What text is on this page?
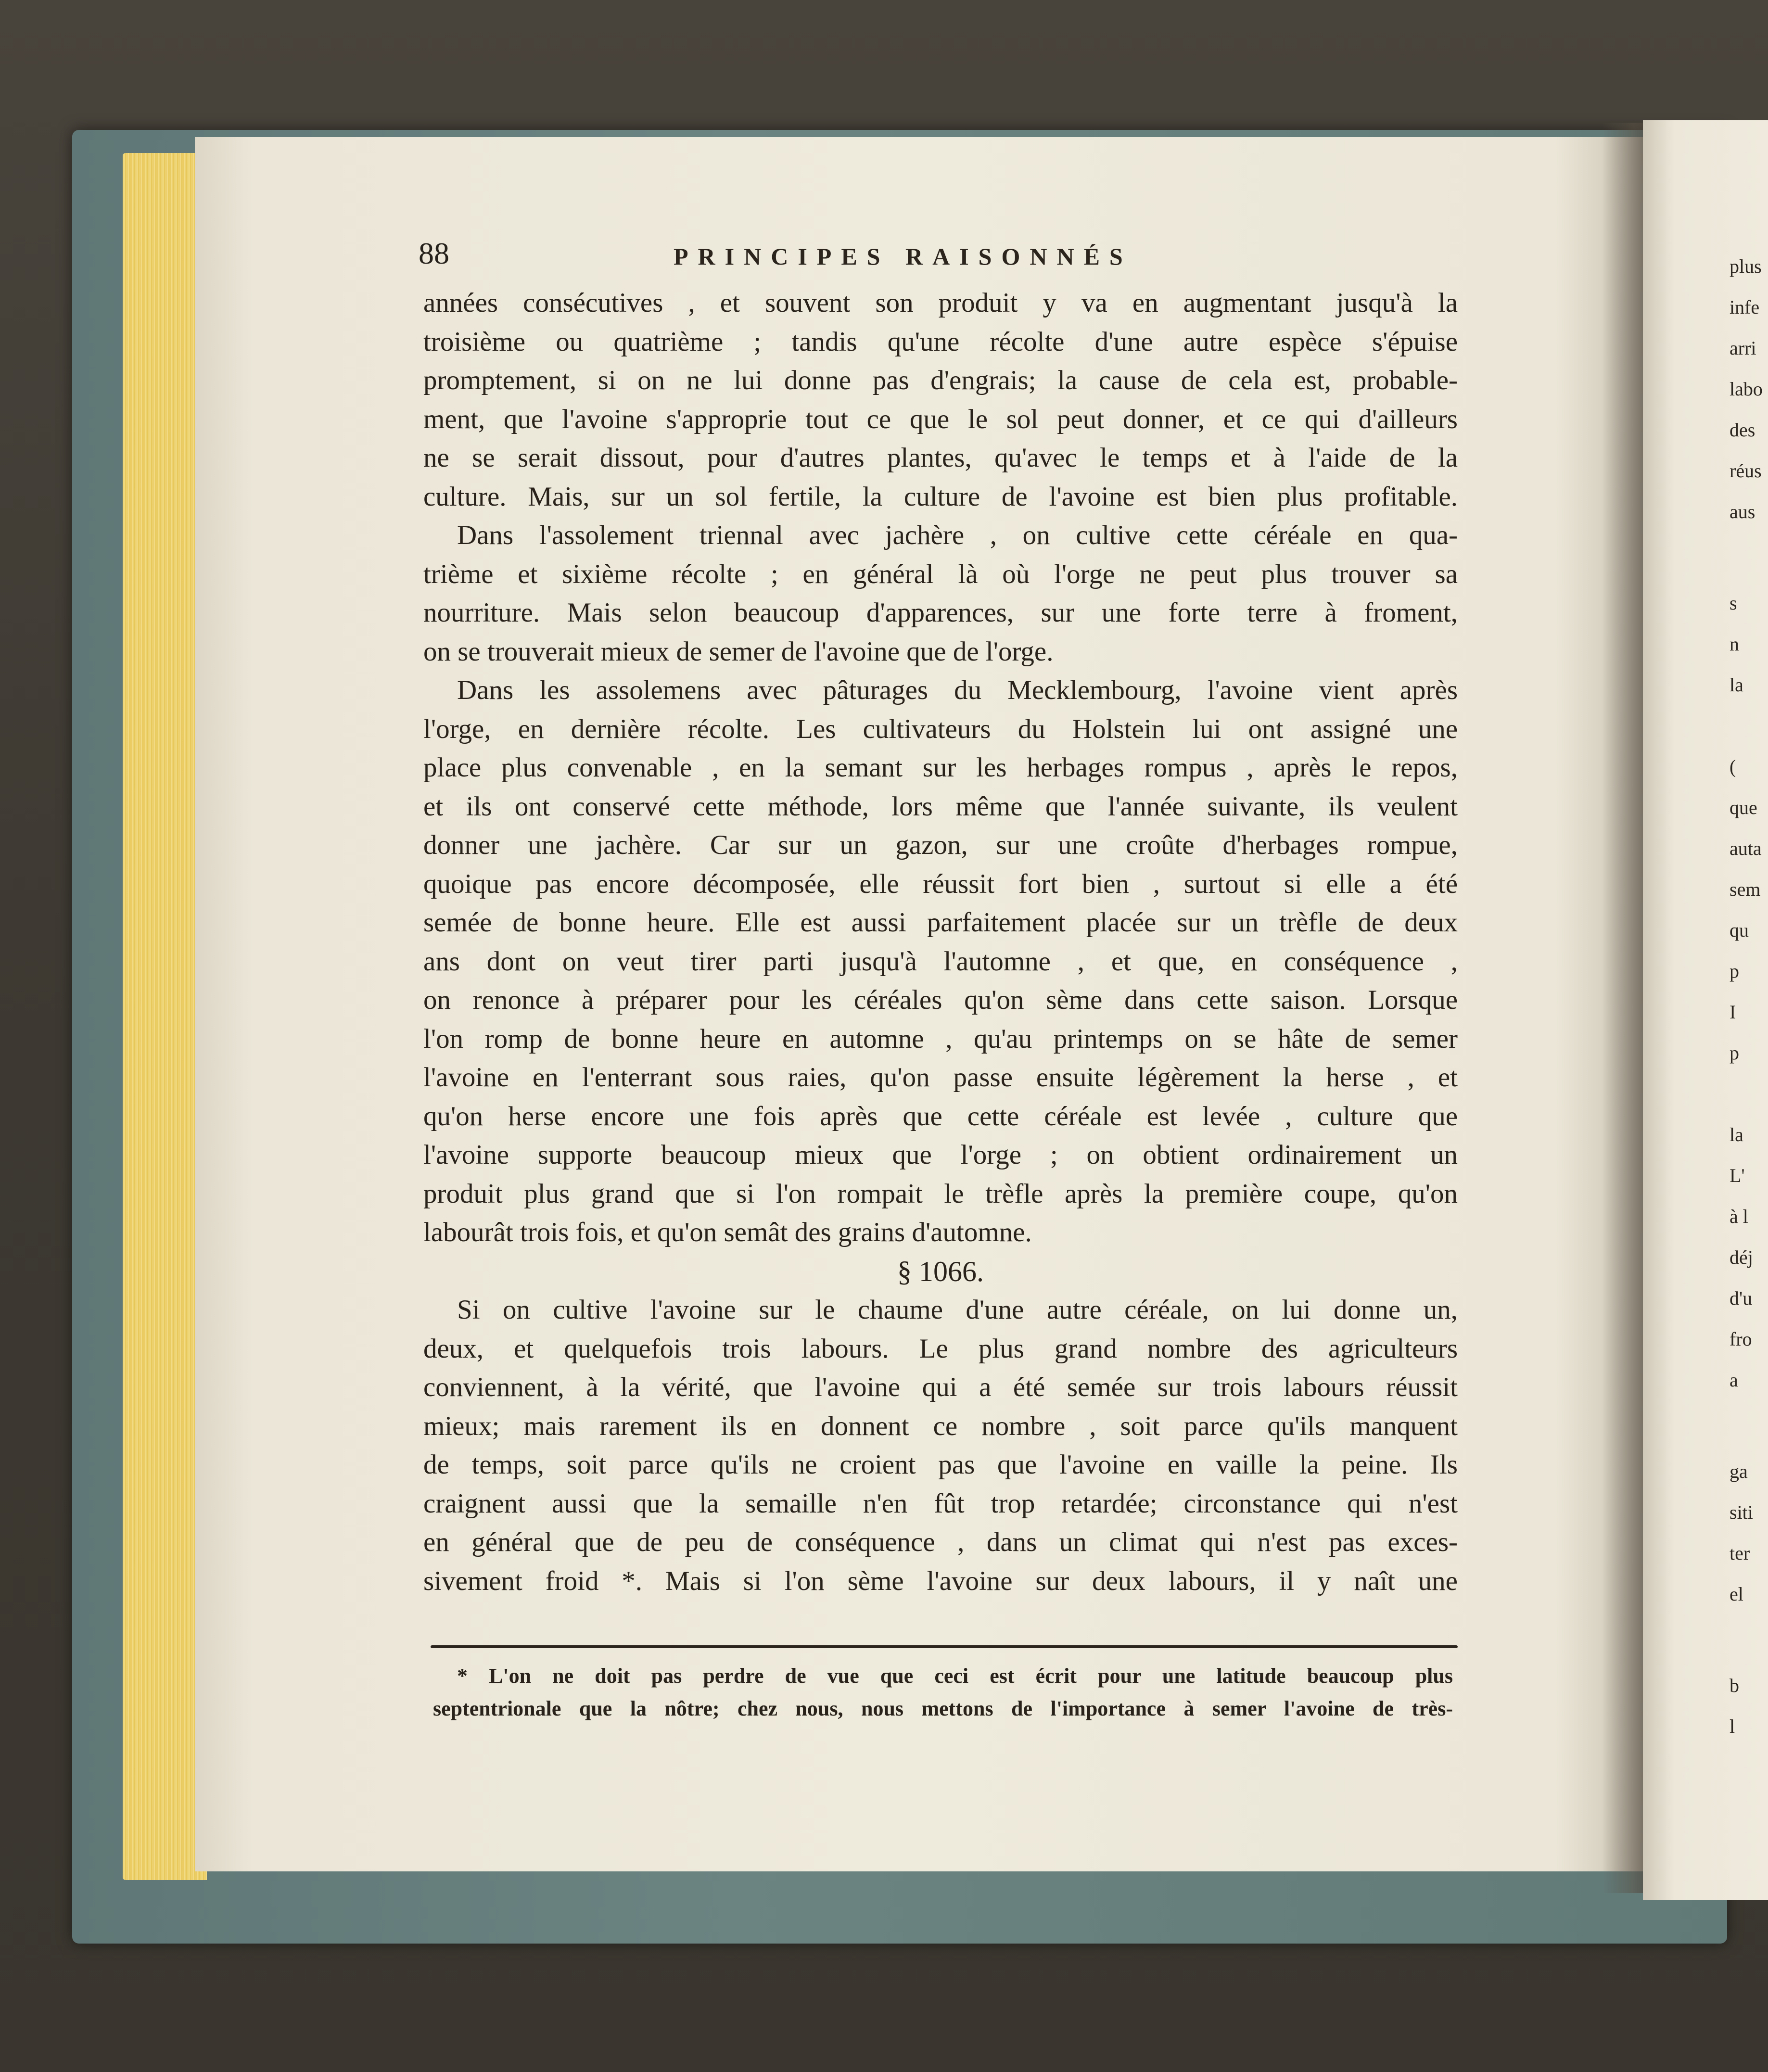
plus
infe
arri
labo
des
réus
aus
s
n
la
(
que
auta
sem
qu
p
I
p
la
L'
à l
déj
d'u
fro
a
ga
siti
ter
el
b
l
88	PRINCIPES RAISONNÉS
années consécutives , et souvent son produit y va en augmentant jusqu'à la
troisième ou quatrième ; tandis qu'une récolte d'une autre espèce s'épuise
promptement, si on ne lui donne pas d'engrais; la cause de cela est, probable-
ment, que l'avoine s'approprie tout ce que le sol peut donner, et ce qui d'ailleurs
ne se serait dissout, pour d'autres plantes, qu'avec le temps et à l'aide de la
culture. Mais, sur un sol fertile, la culture de l'avoine est bien plus profitable.
Dans l'assolement triennal avec jachère , on cultive cette céréale en qua-
trième et sixième récolte ; en général là où l'orge ne peut plus trouver sa
nourriture. Mais selon beaucoup d'apparences, sur une forte terre à froment,
on se trouverait mieux de semer de l'avoine que de l'orge.
Dans les assolemens avec pâturages du Mecklembourg, l'avoine vient après
l'orge, en dernière récolte. Les cultivateurs du Holstein lui ont assigné une
place plus convenable , en la semant sur les herbages rompus , après le repos,
et ils ont conservé cette méthode, lors même que l'année suivante, ils veulent
donner une jachère. Car sur un gazon, sur une croûte d'herbages rompue,
quoique pas encore décomposée, elle réussit fort bien , surtout si elle a été
semée de bonne heure. Elle est aussi parfaitement placée sur un trèfle de deux
ans dont on veut tirer parti jusqu'à l'automne , et que, en conséquence ,
on renonce à préparer pour les céréales qu'on sème dans cette saison. Lorsque
l'on romp de bonne heure en automne , qu'au printemps on se hâte de semer
l'avoine en l'enterrant sous raies, qu'on passe ensuite légèrement la herse , et
qu'on herse encore une fois après que cette céréale est levée , culture que
l'avoine supporte beaucoup mieux que l'orge ; on obtient ordinairement un
produit plus grand que si l'on rompait le trèfle après la première coupe, qu'on
labourât trois fois, et qu'on semât des grains d'automne.
§ 1066.
Si on cultive l'avoine sur le chaume d'une autre céréale, on lui donne un,
deux, et quelquefois trois labours. Le plus grand nombre des agriculteurs
conviennent, à la vérité, que l'avoine qui a été semée sur trois labours réussit
mieux; mais rarement ils en donnent ce nombre , soit parce qu'ils manquent
de temps, soit parce qu'ils ne croient pas que l'avoine en vaille la peine. Ils
craignent aussi que la semaille n'en fût trop retardée; circonstance qui n'est
en général que de peu de conséquence , dans un climat qui n'est pas exces-
sivement froid *. Mais si l'on sème l'avoine sur deux labours, il y naît une
* L'on ne doit pas perdre de vue que ceci est écrit pour une latitude beaucoup plus
septentrionale que la nôtre; chez nous, nous mettons de l'importance à semer l'avoine de très-
